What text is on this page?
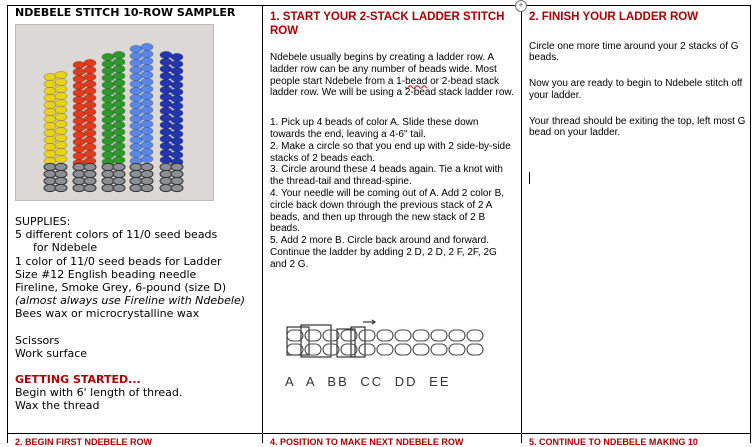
+
NDEBELE STITCH 10-ROW SAMPLER

SUPPLIES:

5 different colors of 11/0 seed beads

for Ndebele

1 color of 11/0 seed beads for Ladder

Size #12 English beading needle

Fireline, Smoke Grey, 6-pound (size D)

(almost always use Fireline with Ndebele)

Bees wax or microcrystalline wax

Scissors

Work surface

GETTING STARTED...

Begin with 6' length of thread.

Wax the thread

1. START YOUR 2-STACK LADDER STITCH ROW

Ndebele usually begins by creating a ladder row. A ladder row can be any number of beads wide. Most people start Ndebele from a 1-bead or 2-bead stack ladder row. We will be using a 2-bead stack ladder row.

1. Pick up 4 beads of color A. Slide these down towards the end, leaving a 4-6" tail.

2. Make a circle so that you end up with 2 side-by-side stacks of 2 beads each.

3. Circle around these 4 beads again. Tie a knot with the thread-tail and thread-spine.

4. Your needle will be coming out of A. Add 2 color B, circle back down through the previous stack of 2 A beads, and then up through the new stack of 2 B beads.

5. Add 2 more B. Circle back around and forward. Continue the ladder by adding 2 D, 2 D, 2 F, 2F, 2G and 2 G.

A A BB CC DD EE
2. FINISH YOUR LADDER ROW

Circle one more time around your 2 stacks of G beads.

Now you are ready to begin to Ndebele stitch off your ladder.

Your thread should be exiting the top, left most G bead on your ladder.

2. BEGIN FIRST NDEBELE ROW	4. POSITION TO MAKE NEXT NDEBELE ROW	5. CONTINUE TO NDEBELE MAKING 10
